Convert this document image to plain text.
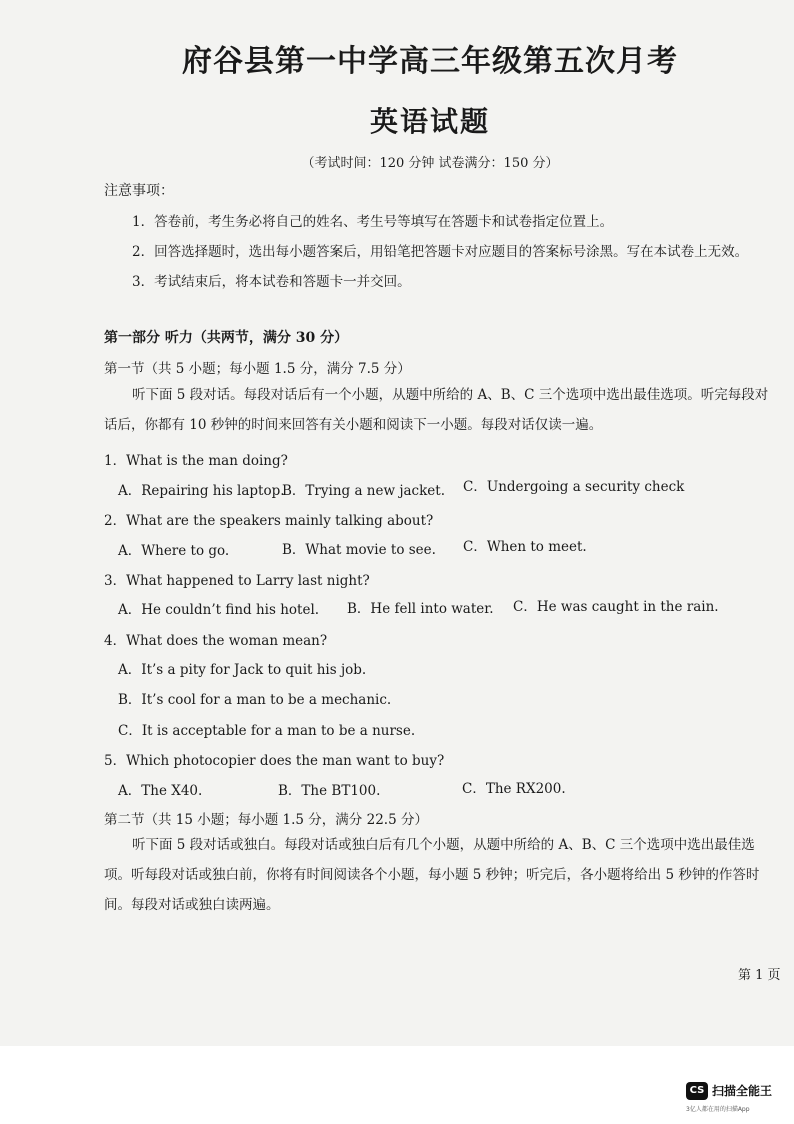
府谷县第一中学高三年级第五次月考
英语试题
（考试时间：120 分钟 试卷满分：150 分）
注意事项：
1．答卷前，考生务必将自己的姓名、考生号等填写在答题卡和试卷指定位置上。
2．回答选择题时，选出每小题答案后，用铅笔把答题卡对应题目的答案标号涂黑。写在本试卷上无效。
3．考试结束后，将本试卷和答题卡一并交回。
第一部分 听力（共两节，满分 30 分）
第一节（共 5 小题；每小题 1.5 分，满分 7.5 分）
听下面 5 段对话。每段对话后有一个小题，从题中所给的 A、B、C 三个选项中选出最佳选项。听完每段对话后，你都有 10 秒钟的时间来回答有关小题和阅读下一小题。每段对话仅读一遍。
1．What is the man doing?
A．Repairing his laptop.
B．Trying a new jacket. C．Undergoing a security check
2．What are the speakers mainly talking about?
A．Where to go.	B．What movie to see. C．When to meet.
3．What happened to Larry last night?
A．He couldn’t find his hotel. B．He fell into water. C．He was caught in the rain.
4．What does the woman mean?
A．It’s a pity for Jack to quit his job.
B．It’s cool for a man to be a mechanic.
C．It is acceptable for a man to be a nurse.
5．Which photocopier does the man want to buy?
A．The X40.	B．The BT100.	C．The RX200.
第二节（共 15 小题；每小题 1.5 分，满分 22.5 分）
听下面 5 段对话或独白。每段对话或独白后有几个小题，从题中所给的 A、B、C 三个选项中选出最佳选项。听每段对话或独白前，你将有时间阅读各个小题，每小题 5 秒钟；听完后，各小题将给出 5 秒钟的作答时间。每段对话或独白读两遍。
第 1 页
CS 扫描全能王
3亿人都在用的扫描App
